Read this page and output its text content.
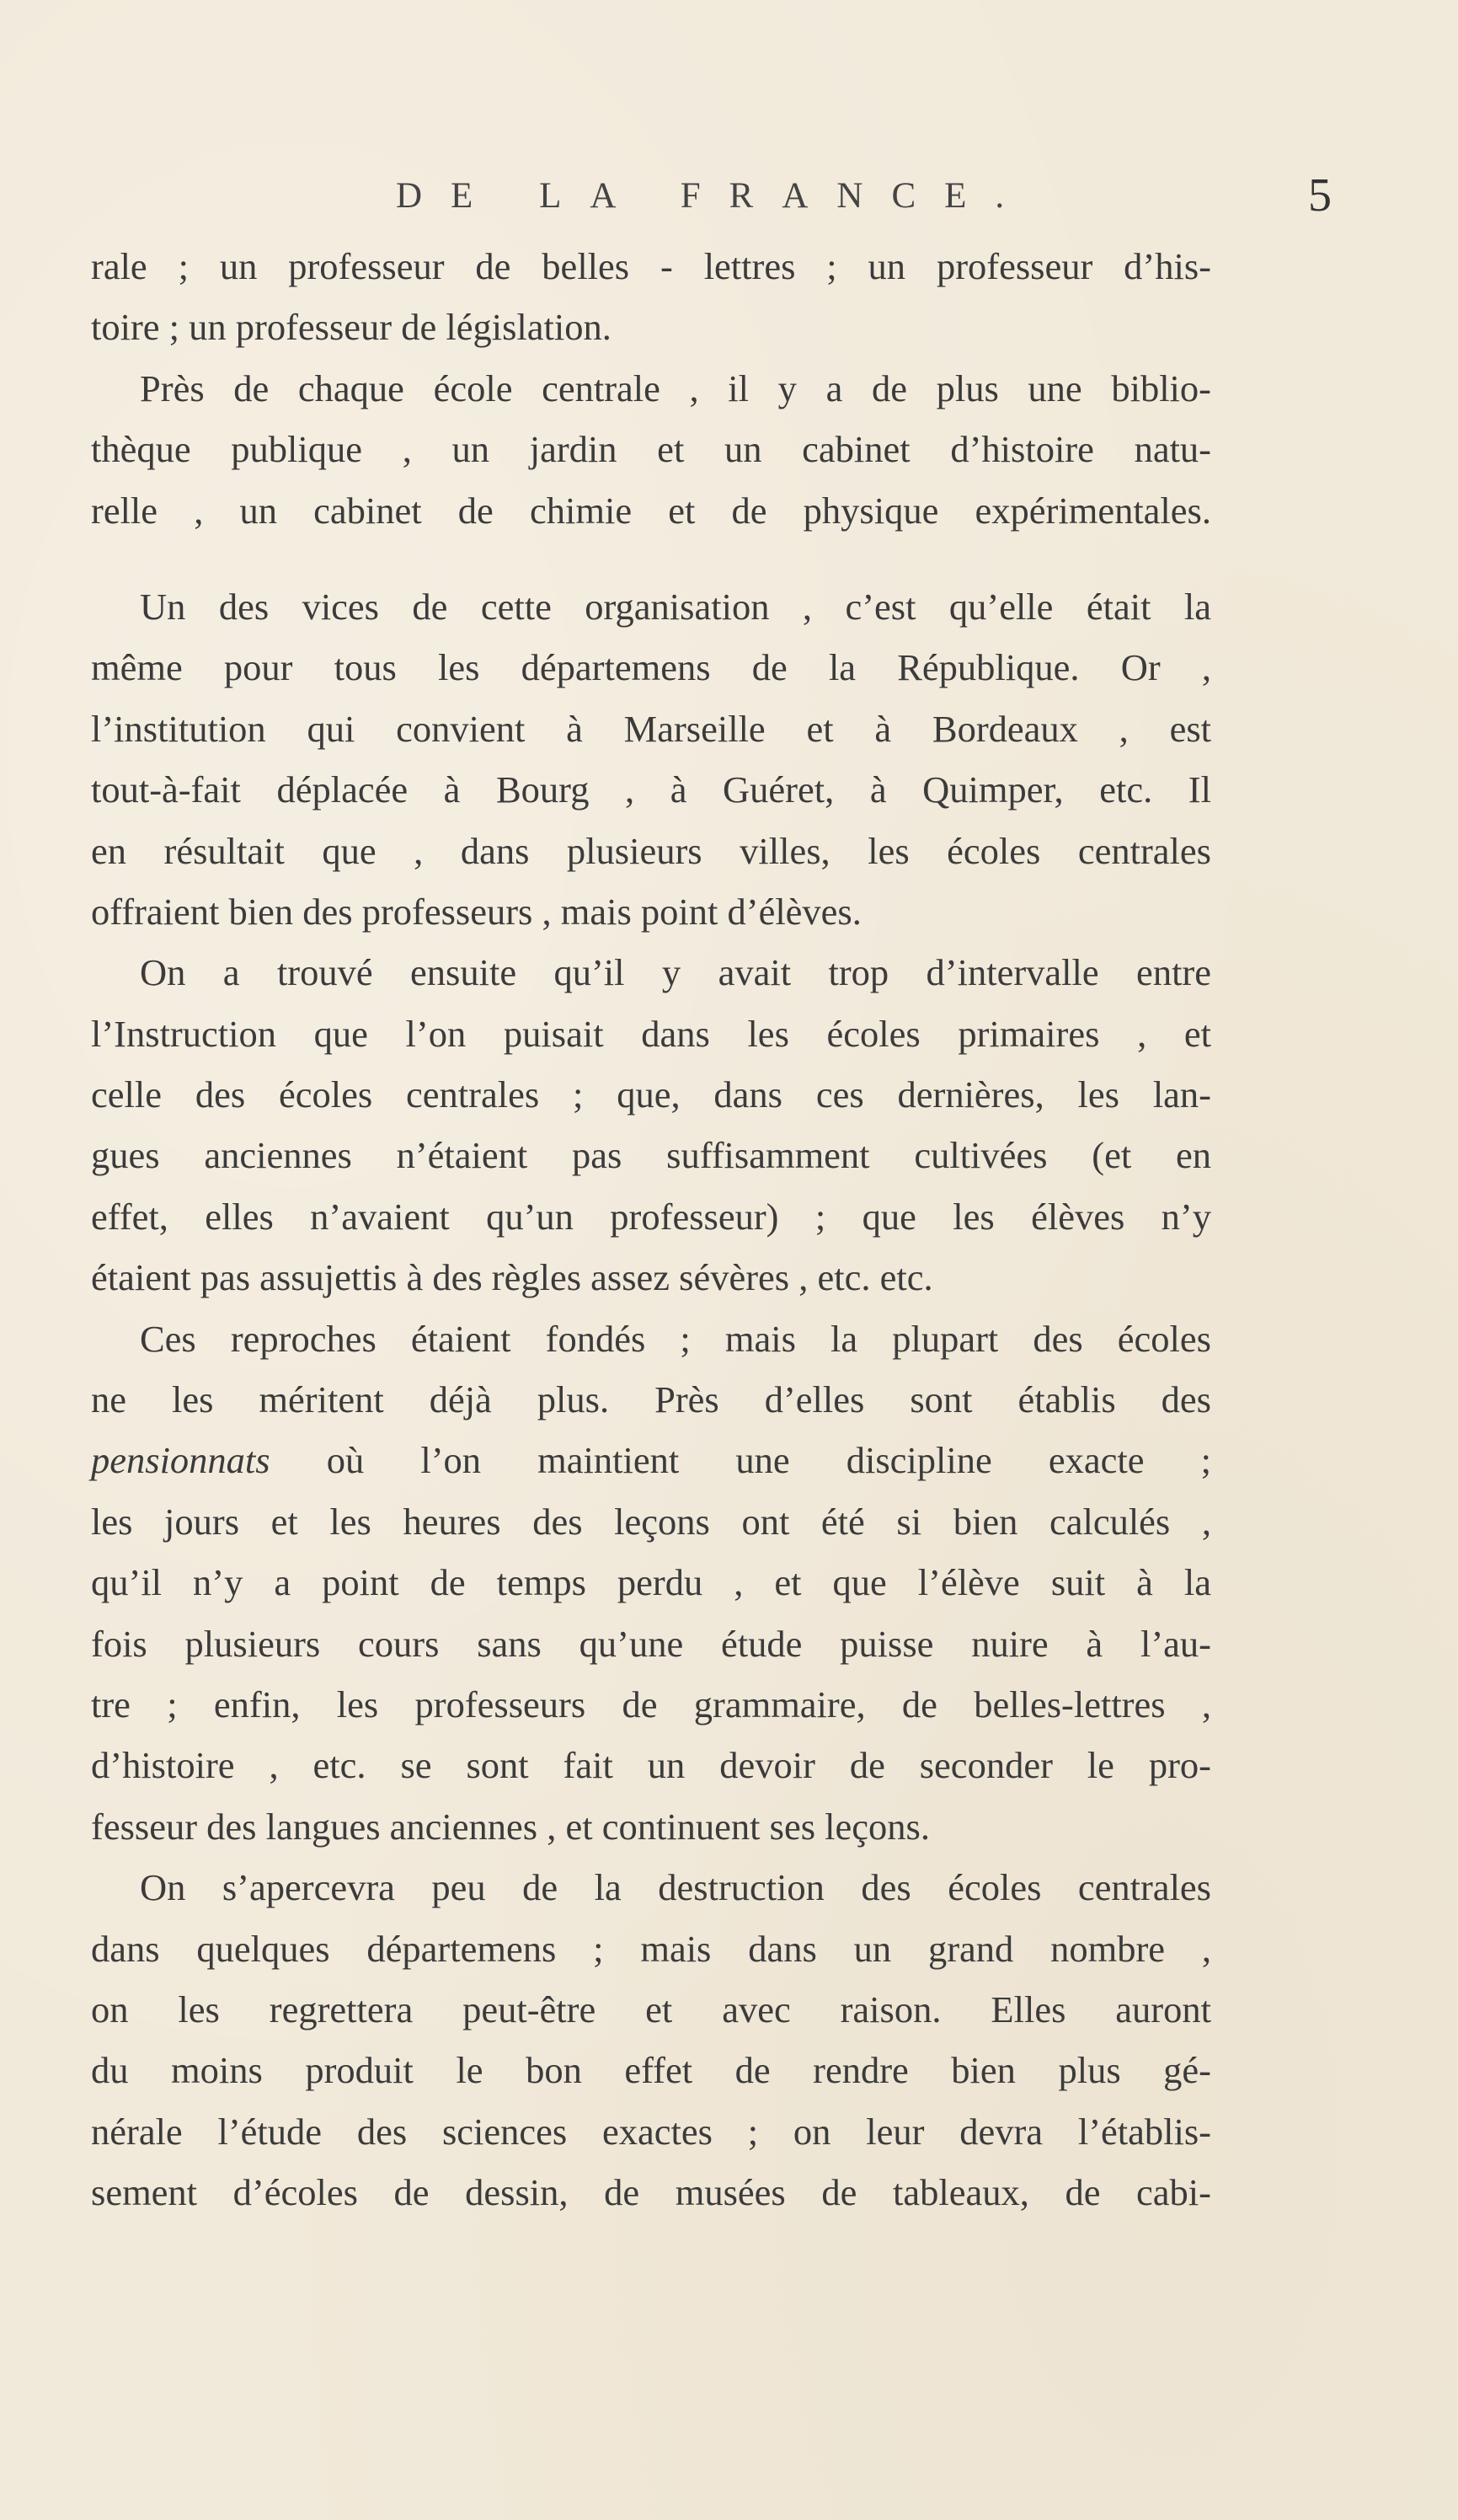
DE LA FRANCE.	5
rale ; un professeur de belles - lettres ; un professeur d’his-
toire ; un professeur de législation.
Près de chaque école centrale , il y a de plus une biblio-
thèque publique , un jardin et un cabinet d’histoire natu-
relle , un cabinet de chimie et de physique expérimentales.
Un des vices de cette organisation , c’est qu’elle était la
même pour tous les départemens de la République. Or ,
l’institution qui convient à Marseille et à Bordeaux , est
tout-à-fait déplacée à Bourg , à Guéret, à Quimper, etc. Il
en résultait que , dans plusieurs villes, les écoles centrales
offraient bien des professeurs , mais point d’élèves.
On a trouvé ensuite qu’il y avait trop d’intervalle entre
l’Instruction que l’on puisait dans les écoles primaires , et
celle des écoles centrales ; que, dans ces dernières, les lan-
gues anciennes n’étaient pas suffisamment cultivées (et en
effet, elles n’avaient qu’un professeur) ; que les élèves n’y
étaient pas assujettis à des règles assez sévères , etc. etc.
Ces reproches étaient fondés ; mais la plupart des écoles
ne les méritent déjà plus. Près d’elles sont établis des
pensionnats où l’on maintient une discipline exacte ;
les jours et les heures des leçons ont été si bien calculés ,
qu’il n’y a point de temps perdu , et que l’élève suit à la
fois plusieurs cours sans qu’une étude puisse nuire à l’au-
tre ; enfin, les professeurs de grammaire, de belles-lettres ,
d’histoire , etc. se sont fait un devoir de seconder le pro-
fesseur des langues anciennes , et continuent ses leçons.
On s’apercevra peu de la destruction des écoles centrales
dans quelques départemens ; mais dans un grand nombre ,
on les regrettera peut-être et avec raison. Elles auront
du moins produit le bon effet de rendre bien plus gé-
nérale l’étude des sciences exactes ; on leur devra l’établis-
sement d’écoles de dessin, de musées de tableaux, de cabi-
